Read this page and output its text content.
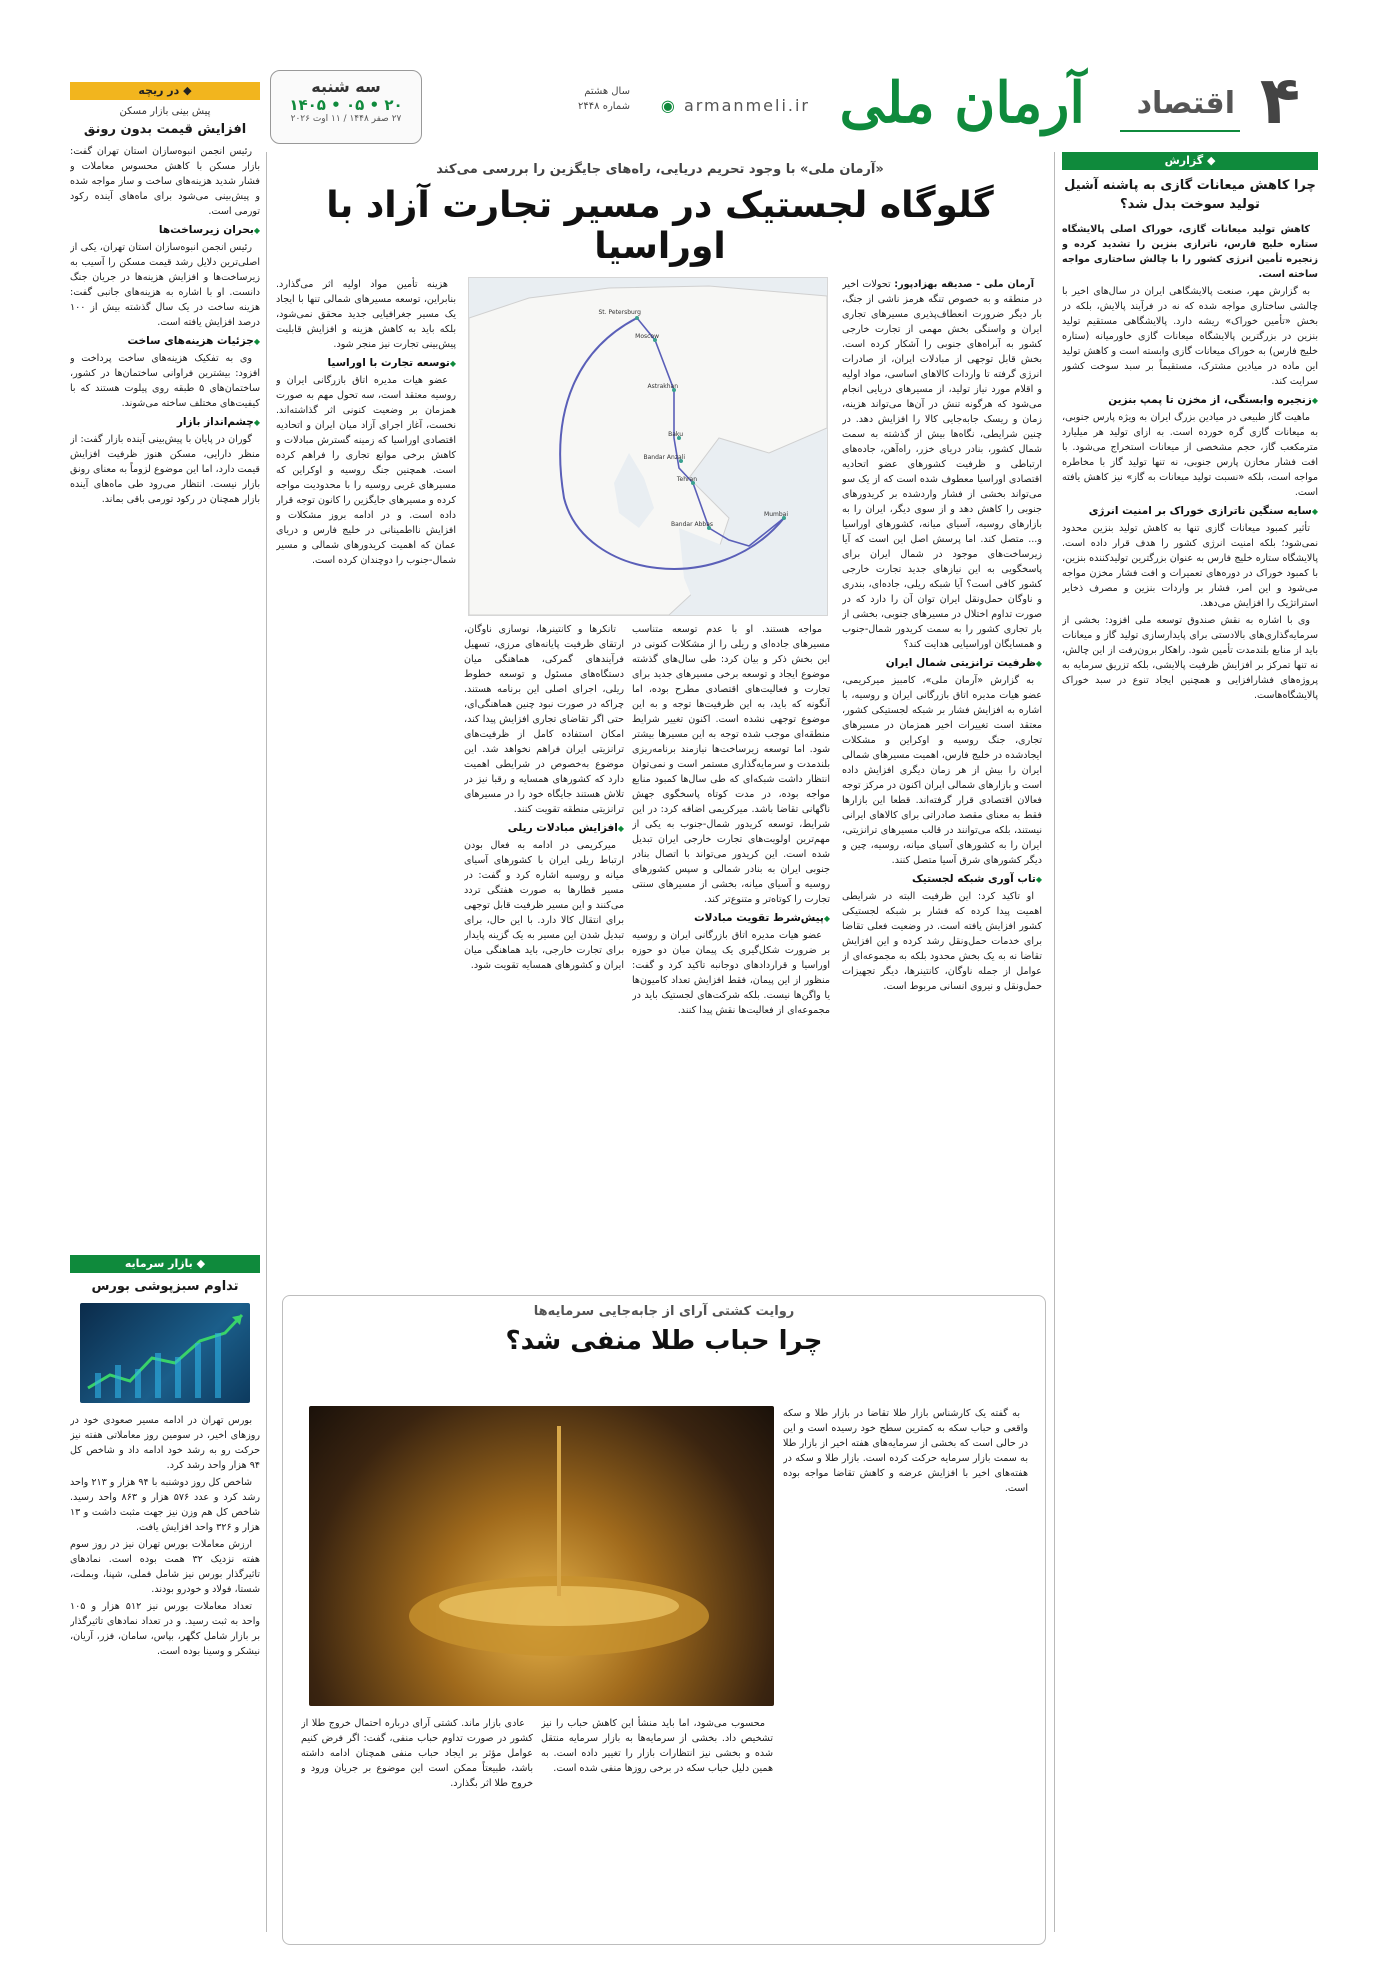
۴
اقتصاد
آرمان ملی
◉ armanmeli.ir
سال هشتم
شماره ۲۴۴۸
سه شنبه
۲۰ • ۰۵ • ۱۴۰۵
۲۷ صفر ۱۴۴۸ / ۱۱ اوت ۲۰۲۶
«آرمان ملی» با وجود تحریم دریایی، راه‌های جایگزین را بررسی می‌کند
گلوگاه لجستیک در مسیر تجارت آزاد با اوراسیا
St. Petersburg
Moscow
Astrakhan
Baku
Bandar Anzali
Tehran
Bandar Abbas
Mumbai

آرمان ملی - صدیقه بهزادپور: تحولات اخیر در منطقه و به خصوص تنگه هرمز ناشی از جنگ، بار دیگر ضرورت انعطاف‌پذیری مسیرهای تجاری ایران و واسنگی بخش مهمی از تجارت خارجی کشور به آبراه‌های جنوبی را آشکار کرده است. بخش قابل توجهی از مبادلات ایران، از صادرات انرژی گرفته تا واردات کالاهای اساسی، مواد اولیه و اقلام مورد نیاز تولید، از مسیرهای دریایی انجام می‌شود که هرگونه تنش در آن‌ها می‌تواند هزینه، زمان و ریسک جابه‌جایی کالا را افزایش دهد. در چنین شرایطی، نگاه‌ها بیش از گذشته به سمت شمال کشور، بنادر دریای خزر، راه‌آهن، جاده‌های ارتباطی و ظرفیت کشورهای عضو اتحادیه اقتصادی اوراسیا معطوف شده است که از یک سو می‌تواند بخشی از فشار واردشده بر کریدورهای جنوبی را کاهش دهد و از سوی دیگر، ایران را به بازارهای روسیه، آسیای میانه، کشورهای اوراسیا و... متصل کند. اما پرسش اصل این است که آیا زیرساخت‌های موجود در شمال ایران برای پاسخگویی به این نیازهای جدید تجارت خارجی کشور کافی است؟ آیا شبکه ریلی، جاده‌ای، بندری و ناوگان حمل‌ونقل ایران توان آن را دارد که در صورت تداوم اختلال در مسیرهای جنوبی، بخشی از بار تجاری کشور را به سمت کریدور شمال-جنوب و همسایگان اوراسیایی هدایت کند؟

◆ ظرفیت ترانزیتی شمال ایران

به گزارش «آرمان ملی»، کامبیز میرکریمی، عضو هیات مدیره اتاق بازرگانی ایران و روسیه، با اشاره به افزایش فشار بر شبکه لجستیکی کشور، معتقد است تغییرات اخیر همزمان در مسیرهای تجاری، جنگ روسیه و اوکراین و مشکلات ایجادشده در خلیج فارس، اهمیت مسیرهای شمالی ایران را بیش از هر زمان دیگری افزایش داده است و بازارهای شمالی ایران اکنون در مرکز توجه فعالان اقتصادی قرار گرفته‌اند. قطعا این بازارها فقط به معنای مقصد صادراتی برای کالاهای ایرانی نیستند، بلکه می‌توانند در قالب مسیرهای ترانزیتی، ایران را به کشورهای آسیای میانه، روسیه، چین و دیگر کشورهای شرق آسیا متصل کنند.

◆ تاب آوری شبکه لجستیک

او تاکید کرد: این ظرفیت البته در شرایطی اهمیت پیدا کرده که فشار بر شبکه لجستیکی کشور افزایش یافته است. در وضعیت فعلی تقاضا برای خدمات حمل‌ونقل رشد کرده و این افزایش تقاضا نه به یک بخش محدود بلکه به مجموعه‌ای از عوامل از جمله ناوگان، کانتینرها، دیگر تجهیزات حمل‌ونقل و نیروی انسانی مربوط است.

مواجه هستند. او با عدم توسعه متناسب مسیرهای جاده‌ای و ریلی را از مشکلات کنونی در این بخش ذکر و بیان کرد: طی سال‌های گذشته موضوع ایجاد و توسعه برخی مسیرهای جدید برای تجارت و فعالیت‌های اقتصادی مطرح بوده، اما آنگونه که باید، به این ظرفیت‌ها توجه و به این موضوع توجهی نشده است. اکنون تغییر شرایط منطقه‌ای موجب شده توجه به این مسیرها بیشتر شود. اما توسعه زیرساخت‌ها نیازمند برنامه‌ریزی بلندمدت و سرمایه‌گذاری مستمر است و نمی‌توان انتظار داشت شبکه‌ای که طی سال‌ها کمبود منابع مواجه بوده، در مدت کوتاه پاسخگوی جهش ناگهانی تقاضا باشد. میرکریمی اضافه کرد: در این شرایط، توسعه کریدور شمال-جنوب به یکی از مهم‌ترین اولویت‌های تجارت خارجی ایران تبدیل شده است. این کریدور می‌تواند با اتصال بنادر جنوبی ایران به بنادر شمالی و سپس کشورهای روسیه و آسیای میانه، بخشی از مسیرهای سنتی تجارت را کوتاه‌تر و متنوع‌تر کند.

◆ پیش‌شرط تقویت مبادلات

عضو هیات مدیره اتاق بازرگانی ایران و روسیه بر ضرورت شکل‌گیری یک پیمان میان دو حوزه اوراسیا و قراردادهای دوجانبه تاکید کرد و گفت: منظور از این پیمان، فقط افزایش تعداد کامیون‌ها یا واگن‌ها نیست. بلکه شرکت‌های لجستیک باید در مجموعه‌ای از فعالیت‌ها نقش پیدا کنند.

تانکرها و کانتینرها، نوسازی ناوگان، ارتقای ظرفیت پایانه‌های مرزی، تسهیل فرآیندهای گمرکی، هماهنگی میان دستگاه‌های مسئول و توسعه خطوط ریلی، اجرای اصلی این برنامه هستند. چراکه در صورت نبود چنین هماهنگی‌ای، حتی اگر تقاضای تجاری افزایش پیدا کند، امکان استفاده کامل از ظرفیت‌های ترانزیتی ایران فراهم نخواهد شد. این موضوع به‌خصوص در شرایطی اهمیت دارد که کشورهای همسایه و رقبا نیز در تلاش هستند جایگاه خود را در مسیرهای ترانزیتی منطقه تقویت کنند.

◆ افزایش مبادلات ریلی

میرکریمی در ادامه به فعال بودن ارتباط ریلی ایران با کشورهای آسیای میانه و روسیه اشاره کرد و گفت: در مسیر قطارها به صورت هفتگی تردد می‌کنند و این مسیر ظرفیت قابل توجهی برای انتقال کالا دارد. با این حال، برای تبدیل شدن این مسیر به یک گزینه پایدار برای تجارت خارجی، باید هماهنگی میان ایران و کشورهای همسایه تقویت شود.

هزینه تأمین مواد اولیه اثر می‌گذارد. بنابراین، توسعه مسیرهای شمالی تنها با ایجاد یک مسیر جغرافیایی جدید محقق نمی‌شود، بلکه باید به کاهش هزینه و افزایش قابلیت پیش‌بینی تجارت نیز منجر شود.

◆ توسعه تجارت با اوراسیا

عضو هیات مدیره اتاق بازرگانی ایران و روسیه معتقد است، سه تحول مهم به صورت همزمان بر وضعیت کنونی اثر گذاشته‌اند. نخست، آغاز اجرای آزاد میان ایران و اتحادیه اقتصادی اوراسیا که زمینه گسترش مبادلات و کاهش برخی موانع تجاری را فراهم کرده است. همچنین جنگ روسیه و اوکراین که مسیرهای غربی روسیه را با محدودیت مواجه کرده و مسیرهای جایگزین را کانون توجه قرار داده است. و در ادامه بروز مشکلات و افزایش نااطمینانی در خلیج فارس و دریای عمان که اهمیت کریدورهای شمالی و مسیر شمال-جنوب را دوچندان کرده است.

روایت کشتی آرای از جابه‌جایی سرمایه‌ها
چرا حباب طلا منفی شد؟

به گفته یک کارشناس بازار طلا تقاضا در بازار طلا و سکه واقعی و حباب سکه به کمترین سطح خود رسیده است و این در حالی است که بخشی از سرمایه‌های هفته اخیر از بازار طلا به سمت بازار سرمایه حرکت کرده است. بازار طلا و سکه در هفته‌های اخیر با افزایش عرضه و کاهش تقاضا مواجه بوده است.

محسوب می‌شود، اما باید منشأ این کاهش حباب را نیز تشخیص داد. بخشی از سرمایه‌ها به بازار سرمایه منتقل شده و بخشی نیز انتظارات بازار را تغییر داده است. به همین دلیل حباب سکه در برخی روزها منفی شده است.

عادی بازار ماند. کشتی آرای درباره احتمال خروج طلا از کشور در صورت تداوم حباب منفی، گفت: اگر فرض کنیم عوامل مؤثر بر ایجاد حباب منفی همچنان ادامه داشته باشد، طبیعتاً ممکن است این موضوع بر جریان ورود و خروج طلا اثر بگذارد.

◆ گزارش
چرا کاهش میعانات گازی به پاشنه آشیل تولید سوخت بدل شد؟

کاهش تولید میعانات گازی، خوراک اصلی پالایشگاه ستاره خلیج فارس، ناترازی بنزین را تشدید کرده و زنجیره تأمین انرژی کشور را با چالش ساختاری مواجه ساخته است.

به گزارش مهر، صنعت پالایشگاهی ایران در سال‌های اخیر با چالشی ساختاری مواجه شده که نه در فرآیند پالایش، بلکه در بخش «تأمین خوراک» ریشه دارد. پالایشگاهی مستقیم تولید بنزین در بزرگترین پالایشگاه میعانات گازی خاورمیانه (ستاره خلیج فارس) به خوراک میعانات گازی وابسته است و کاهش تولید این ماده در میادین مشترک، مستقیماً بر سبد سوخت کشور سرایت کند.

◆ زنجیره وابستگی، از مخزن تا پمپ بنزین

ماهیت گاز طبیعی در میادین بزرگ ایران به ویژه پارس جنوبی، به میعانات گازی گره خورده است. به ازای تولید هر میلیارد مترمکعب گاز، حجم مشخصی از میعانات استخراج می‌شود. با افت فشار مخازن پارس جنوبی، نه تنها تولید گاز با مخاطره مواجه است، بلکه «نسبت تولید میعانات به گاز» نیز کاهش یافته است.

◆ سایه سنگین ناترازی خوراک بر امنیت انرژی

تأثیر کمبود میعانات گازی تنها به کاهش تولید بنزین محدود نمی‌شود؛ بلکه امنیت انرژی کشور را هدف قرار داده است. پالایشگاه ستاره خلیج فارس به عنوان بزرگترین تولیدکننده بنزین، با کمبود خوراک در دوره‌های تعمیرات و افت فشار مخزن مواجه می‌شود و این امر، فشار بر واردات بنزین و مصرف ذخایر استراتژیک را افزایش می‌دهد.

وی با اشاره به نقش صندوق توسعه ملی افزود: بخشی از سرمایه‌گذاری‌های بالادستی برای پایدارسازی تولید گاز و میعانات باید از منابع بلندمدت تأمین شود. راهکار برون‌رفت از این چالش، نه تنها تمرکز بر افزایش ظرفیت پالایشی، بلکه تزریق سرمایه به پروژه‌های فشارافزایی و همچنین ایجاد تنوع در سبد خوراک پالایشگاه‌هاست.

◆ در ریچه
پیش بینی بازار مسکن
افزایش قیمت بدون رونق

رئیس انجمن انبوه‌سازان استان تهران گفت: بازار مسکن با کاهش محسوس معاملات و فشار شدید هزینه‌های ساخت و ساز مواجه شده و پیش‌بینی می‌شود برای ماه‌های آینده رکود تورمی است.

◆ بحران زیرساخت‌ها

رئیس انجمن انبوه‌سازان استان تهران، یکی از اصلی‌ترین دلایل رشد قیمت مسکن را آسیب به زیرساخت‌ها و افزایش هزینه‌ها در جریان جنگ دانست. او با اشاره به هزینه‌های جانبی گفت: هزینه ساخت در یک سال گذشته بیش از ۱۰۰ درصد افزایش یافته است.

◆ جزئیات هزینه‌های ساخت

وی به تفکیک هزینه‌های ساخت پرداخت و افزود: بیشترین فراوانی ساختمان‌ها در کشور، ساختمان‌های ۵ طبقه روی پیلوت هستند که با کیفیت‌های مختلف ساخته می‌شوند.

◆ چشم‌انداز بازار

گوران در پایان با پیش‌بینی آینده بازار گفت: از منظر دارایی، مسکن هنوز ظرفیت افزایش قیمت دارد، اما این موضوع لزوماً به معنای رونق بازار نیست. انتظار می‌رود طی ماه‌های آینده بازار همچنان در رکود تورمی باقی بماند.

◆ بازار سرمایه
تداوم سبزپوشی بورس

بورس تهران در ادامه مسیر صعودی خود در روزهای اخیر، در سومین روز معاملاتی هفته نیز حرکت رو به رشد خود ادامه داد و شاخص کل ۹۴ هزار واحد رشد کرد.

شاخص کل روز دوشنبه با ۹۴ هزار و ۲۱۳ واحد رشد کرد و عدد ۵۷۶ هزار و ۸۶۳ واحد رسید. شاخص کل هم وزن نیز جهت مثبت داشت و ۱۳ هزار و ۳۲۶ واحد افزایش یافت.

ارزش معاملات بورس تهران نیز در روز سوم هفته نزدیک ۳۲ همت بوده است. نمادهای تاثیرگذار بورس نیز شامل فملی، شپنا، وبملت، شستا، فولاد و خودرو بودند.

تعداد معاملات بورس نیز ۵۱۲ هزار و ۱۰۵ واحد به ثبت رسید. و در تعداد نمادهای تاثیرگذار بر بازار شامل کگهر، بپاس، سامان، فزر، آریان، نیشکر و وسینا بوده است.
